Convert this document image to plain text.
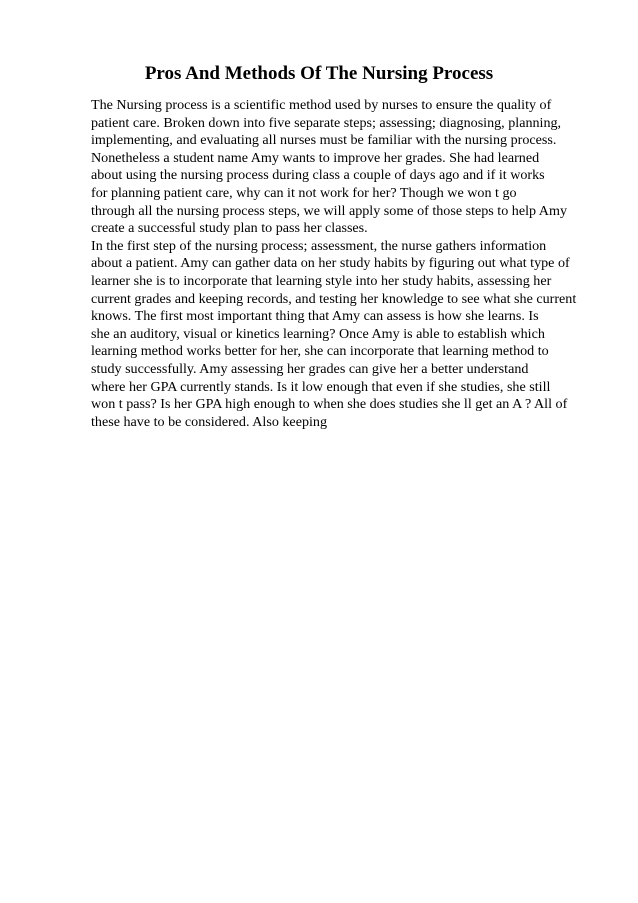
Pros And Methods Of The Nursing Process
The Nursing process is a scientific method used by nurses to ensure the quality of
patient care. Broken down into five separate steps; assessing; diagnosing, planning,
implementing, and evaluating all nurses must be familiar with the nursing process.
Nonetheless a student name Amy wants to improve her grades. She had learned
about using the nursing process during class a couple of days ago and if it works
for planning patient care, why can it not work for her? Though we won t go
through all the nursing process steps, we will apply some of those steps to help Amy
create a successful study plan to pass her classes.
In the first step of the nursing process; assessment, the nurse gathers information
about a patient. Amy can gather data on her study habits by figuring out what type of
learner she is to incorporate that learning style into her study habits, assessing her
current grades and keeping records, and testing her knowledge to see what she current
knows. The first most important thing that Amy can assess is how she learns. Is
she an auditory, visual or kinetics learning? Once Amy is able to establish which
learning method works better for her, she can incorporate that learning method to
study successfully. Amy assessing her grades can give her a better understand
where her GPA currently stands. Is it low enough that even if she studies, she still
won t pass? Is her GPA high enough to when she does studies she ll get an A ? All of
these have to be considered. Also keeping
